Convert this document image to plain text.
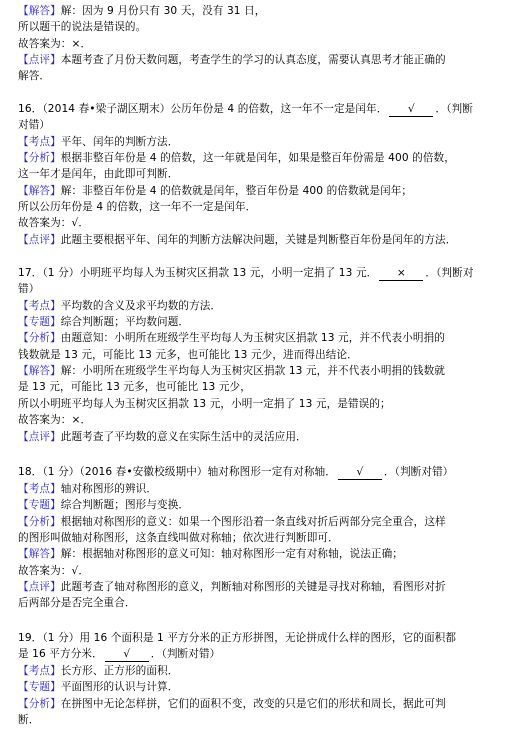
【解答】解：因为 9 月份只有 30 天，没有 31 日，
所以题干的说法是错误的。
故答案为：×．
【点评】本题考查了月份天数问题，考查学生的学习的认真态度，需要认真思考才能正确的
解答．
16．（2014 春•梁子湖区期末）公历年份是 4 的倍数，这一年不一定是闰年． √ ．（判断
对错）
【考点】平年、闰年的判断方法．
【分析】根据非整百年份是 4 的倍数，这一年就是闰年，如果是整百年份需是 400 的倍数，
这一年才是闰年，由此即可判断．
【解答】解：非整百年份是 4 的倍数就是闰年，整百年份是 400 的倍数就是闰年；
所以公历年份是 4 的倍数，这一年不一定是闰年．
故答案为：√．
【点评】此题主要根据平年、闰年的判断方法解决问题，关键是判断整百年份是闰年的方法．
17．（1 分）小明班平均每人为玉树灾区捐款 13 元，小明一定捐了 13 元． × ．（判断对
错）
【考点】平均数的含义及求平均数的方法．
【专题】综合判断题；平均数问题．
【分析】由题意知：小明所在班级学生平均每人为玉树灾区捐款 13 元，并不代表小明捐的
钱数就是 13 元，可能比 13 元多，也可能比 13 元少，进而得出结论．
【解答】解：小明所在班级学生平均每人为玉树灾区捐款 13 元，并不代表小明捐的钱数就
是 13 元，可能比 13 元多，也可能比 13 元少，
所以小明班平均每人为玉树灾区捐款 13 元，小明一定捐了 13 元，是错误的；
故答案为：×．
【点评】此题考查了平均数的意义在实际生活中的灵活应用．
18．（1 分）（2016 春•安徽校级期中）轴对称图形一定有对称轴． √ ．（判断对错）
【考点】轴对称图形的辨识．
【专题】综合判断题；图形与变换．
【分析】根据轴对称图形的意义：如果一个图形沿着一条直线对折后两部分完全重合，这样
的图形叫做轴对称图形，这条直线叫做对称轴；依次进行判断即可．
【解答】解：根据轴对称图形的意义可知：轴对称图形一定有对称轴，说法正确；
故答案为：√．
【点评】此题考查了轴对称图形的意义，判断轴对称图形的关键是寻找对称轴，看图形对折
后两部分是否完全重合．
19．（1 分）用 16 个面积是 1 平方分米的正方形拼图，无论拼成什么样的图形，它的面积都
是 16 平方分米． √ ．（判断对错）
【考点】长方形、正方形的面积．
【专题】平面图形的认识与计算．
【分析】在拼图中无论怎样拼，它们的面积不变，改变的只是它们的形状和周长，据此可判
断．
